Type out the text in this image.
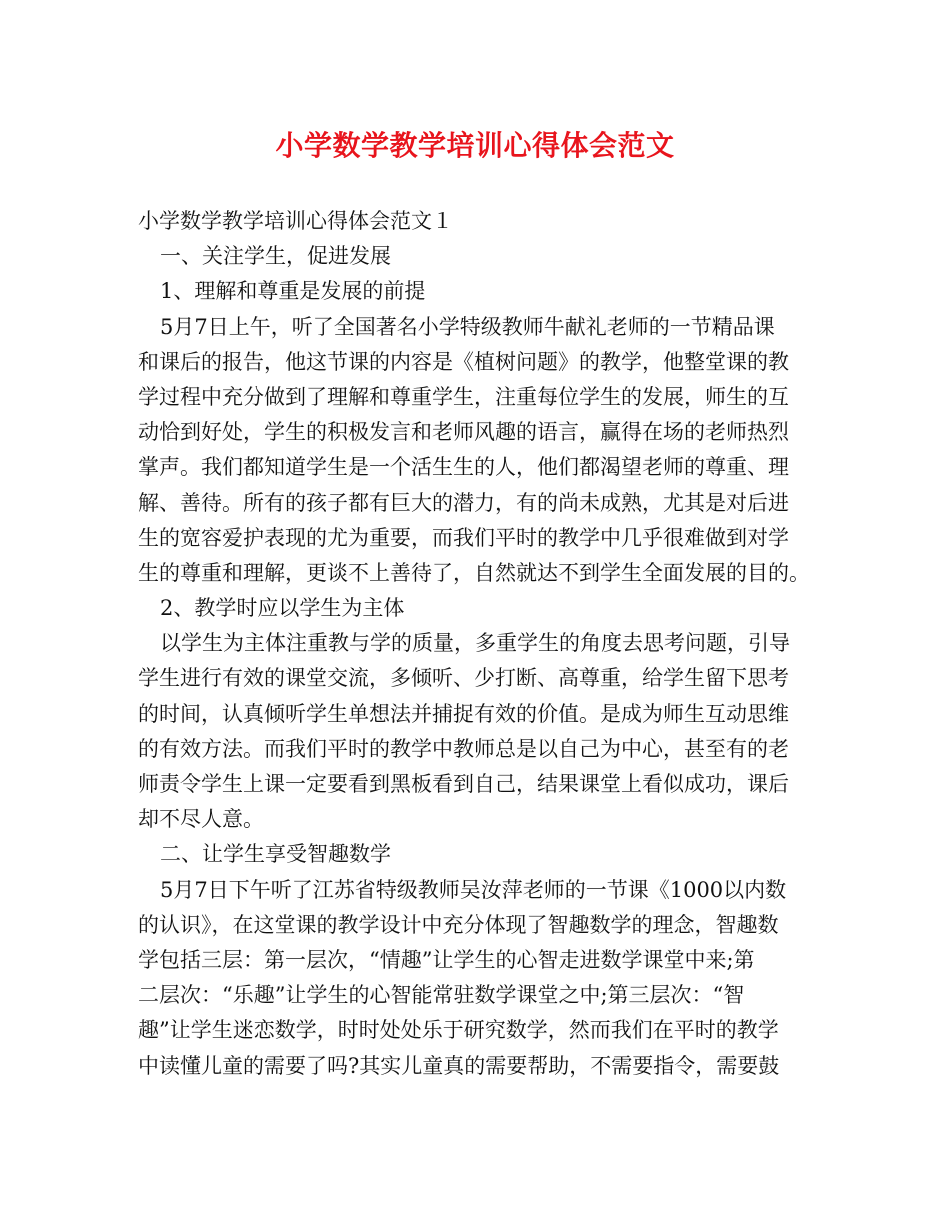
小学数学教学培训心得体会范文
小学数学教学培训心得体会范文１
一、关注学生，促进发展
1、理解和尊重是发展的前提
5月7日上午，听了全国著名小学特级教师牛献礼老师的一节精品课
和课后的报告，他这节课的内容是《植树问题》的教学，他整堂课的教
学过程中充分做到了理解和尊重学生，注重每位学生的发展，师生的互
动恰到好处，学生的积极发言和老师风趣的语言，赢得在场的老师热烈
掌声。我们都知道学生是一个活生生的人，他们都渴望老师的尊重、理
解、善待。所有的孩子都有巨大的潜力，有的尚未成熟，尤其是对后进
生的宽容爱护表现的尤为重要，而我们平时的教学中几乎很难做到对学
生的尊重和理解，更谈不上善待了，自然就达不到学生全面发展的目的。
2、教学时应以学生为主体
以学生为主体注重教与学的质量，多重学生的角度去思考问题，引导
学生进行有效的课堂交流，多倾听、少打断、高尊重，给学生留下思考
的时间，认真倾听学生单想法并捕捉有效的价值。是成为师生互动思维
的有效方法。而我们平时的教学中教师总是以自己为中心，甚至有的老
师责令学生上课一定要看到黑板看到自己，结果课堂上看似成功，课后
却不尽人意。
二、让学生享受智趣数学
5月7日下午听了江苏省特级教师吴汝萍老师的一节课《1000以内数
的认识》，在这堂课的教学设计中充分体现了智趣数学的理念，智趣数
学包括三层：第一层次，“情趣”让学生的心智走进数学课堂中来;第
二层次：“乐趣”让学生的心智能常驻数学课堂之中;第三层次：“智
趣”让学生迷恋数学，时时处处乐于研究数学，然而我们在平时的教学
中读懂儿童的需要了吗?其实儿童真的需要帮助，不需要指令，需要鼓
